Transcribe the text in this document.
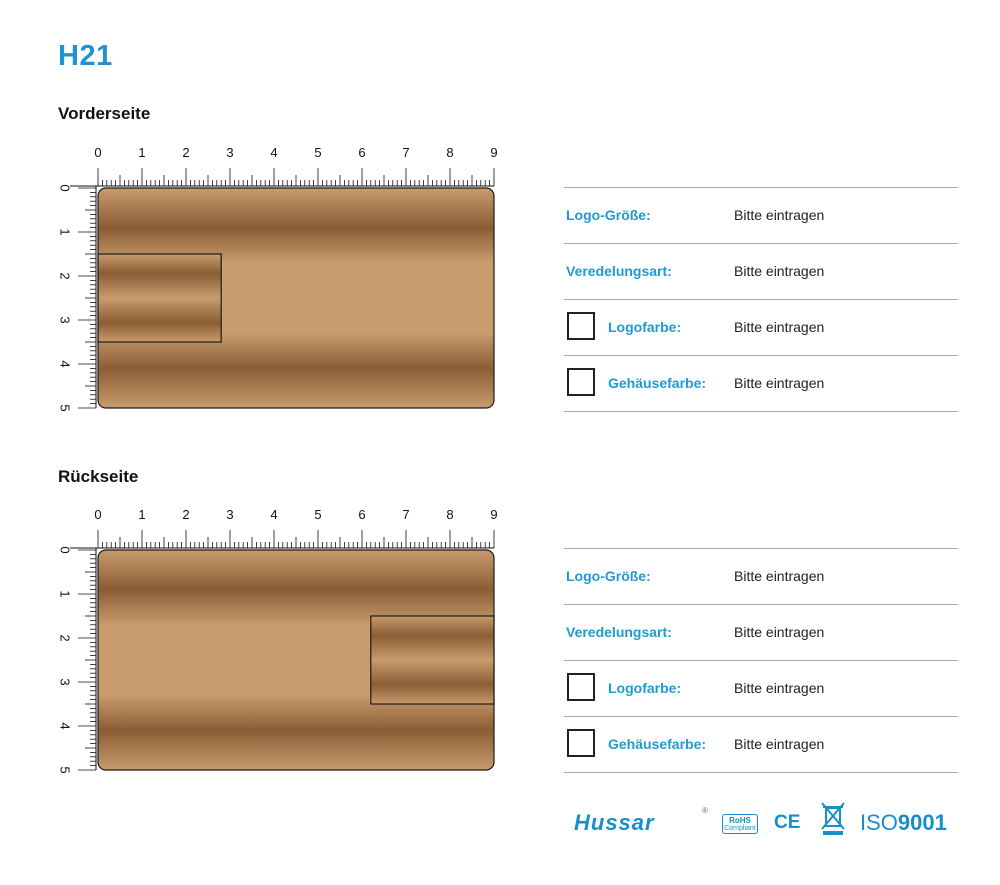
H21
Vorderseite
0	1	2	3	4	5	6	7	8	9
0
1
2
3
4
5
Logo-Größe:	Bitte eintragen
Veredelungsart:	Bitte eintragen
Logofarbe:	Bitte eintragen
Gehäusefarbe: Bitte eintragen
Rückseite
0	1	2	3	4	5	6	7	8	9
0
1
2
3
4
5
Logo-Größe:	Bitte eintragen
Veredelungsart:	Bitte eintragen
Logofarbe:	Bitte eintragen
Gehäusefarbe: Bitte eintragen
Hussar	®
RoHS
Compliant CE	ISO9001
